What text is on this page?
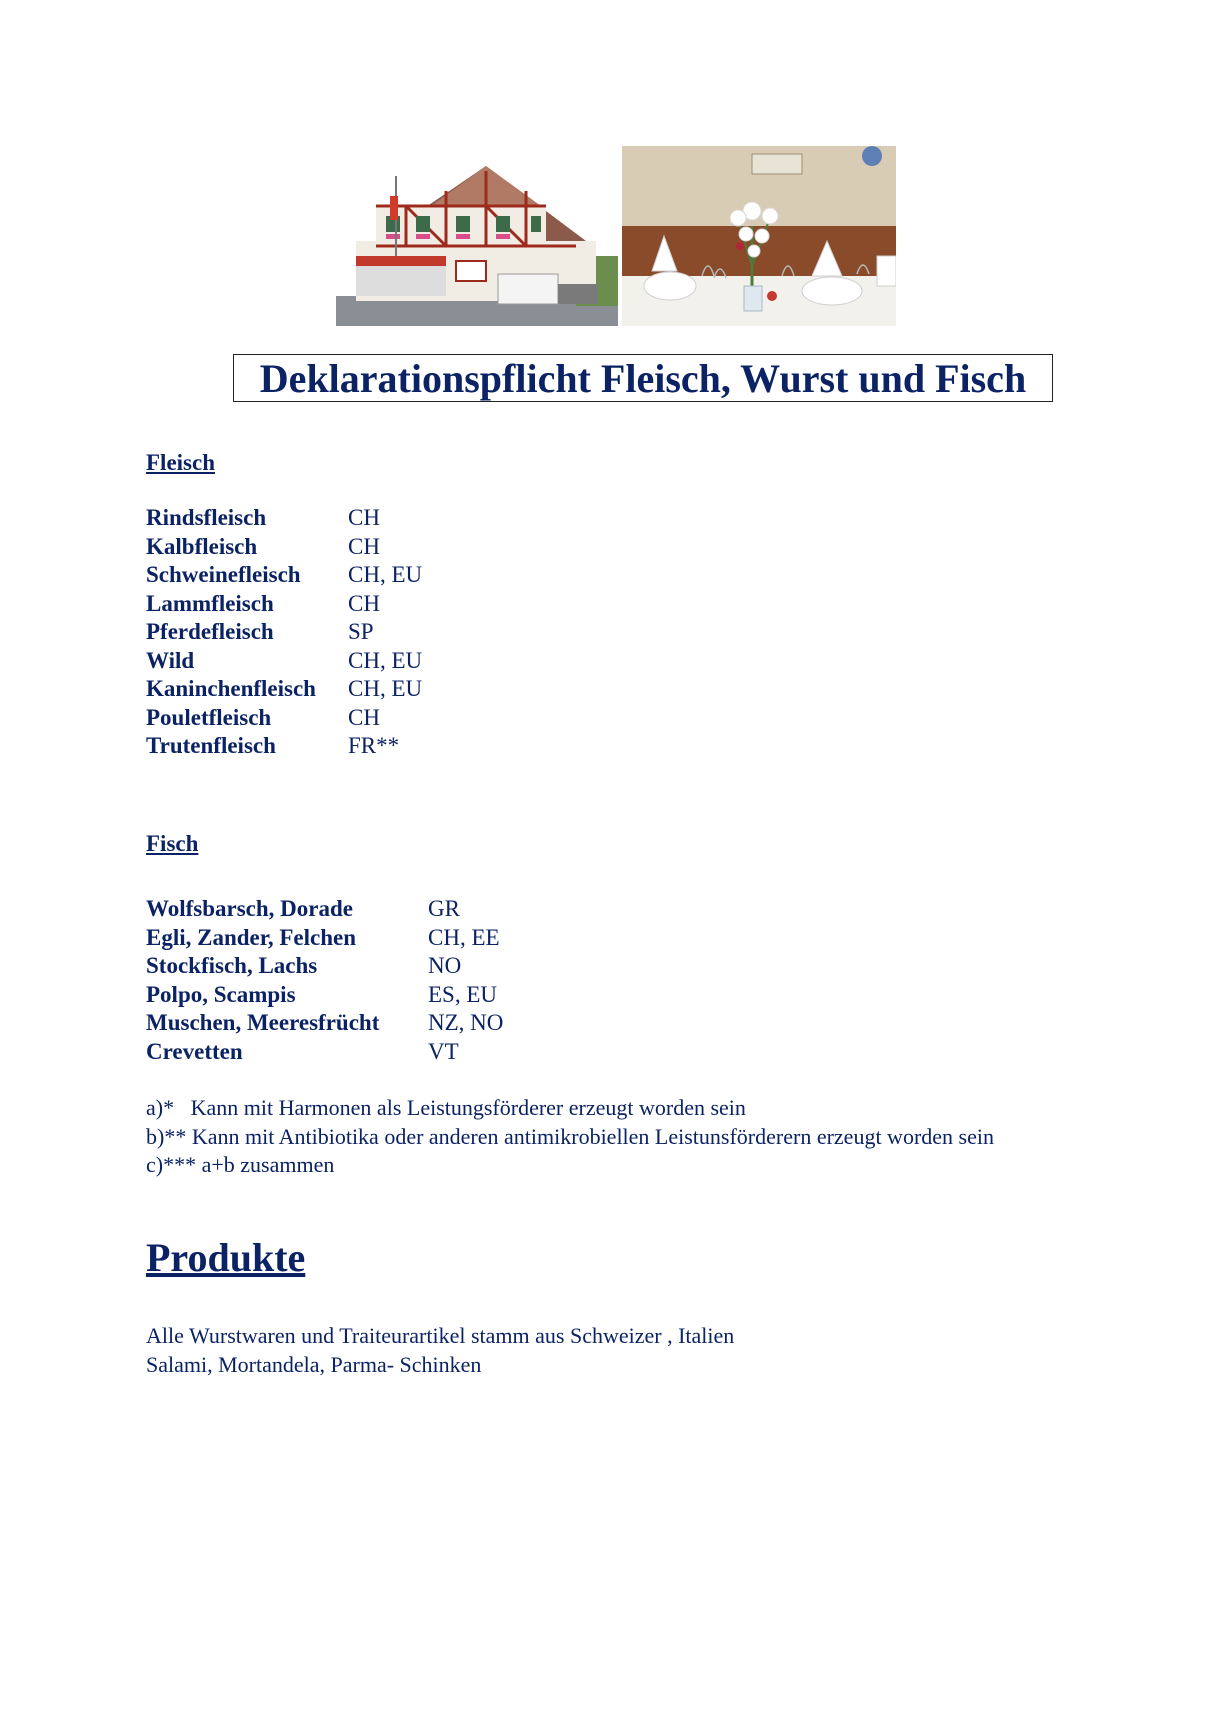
Deklarationspflicht Fleisch, Wurst und Fisch
Fleisch
Rindsfleisch	CH
Kalbfleisch	CH
Schweinefleisch CH, EU
Lammfleisch	CH
Pferdefleisch	SP
Wild	CH, EU
Kaninchenfleisch CH, EU
Pouletfleisch	CH
Trutenfleisch	FR**
Fisch
Wolfsbarsch, Dorade	GR
Egli, Zander, Felchen	CH, EE
Stockfisch, Lachs	NO
Polpo, Scampis	ES, EU
Muschen, Meeresfrücht NZ, NO
Crevetten	VT

a)*   Kann mit Harmonen als Leistungsförderer erzeugt worden sein

b)** Kann mit Antibiotika oder anderen antimikrobiellen Leistunsförderern erzeugt worden sein

c)*** a+b zusammen

Produkte

Alle Wurstwaren und Traiteurartikel stamm aus Schweizer , Italien

Salami, Mortandela, Parma- Schinken
